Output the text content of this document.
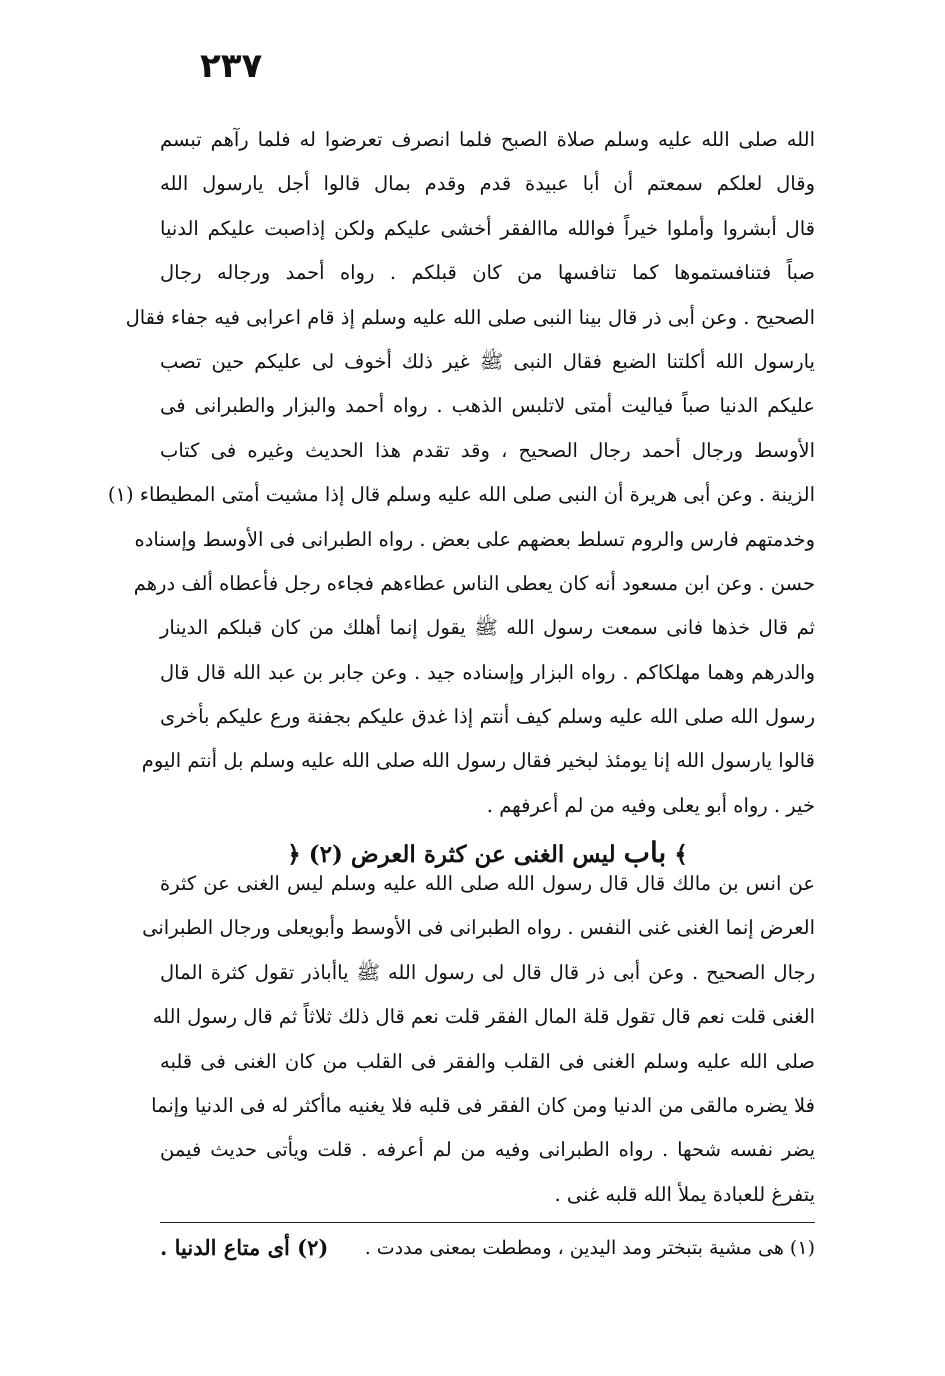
٢٣٧
الله صلى الله عليه وسلم صلاة الصبح فلما انصرف تعرضوا له فلما رآهم تبسم
وقال لعلكم سمعتم أن أبا عبيدة قدم وقدم بمال قالوا أجل يارسول الله
قال أبشروا وأملوا خيراً فوالله ماالفقر أخشى عليكم ولكن إذاصبت عليكم الدنيا
صباً فتنافستموها كما تنافسها من كان قبلكم . رواه أحمد ورجاله رجال
الصحيح . وعن أبى ذر قال بينا النبى صلى الله عليه وسلم إذ قام اعرابى فيه جفاء فقال
يارسول الله أكلتنا الضبع فقال النبى ﷺ غير ذلك أخوف لى عليكم حين تصب
عليكم الدنيا صباً فياليت أمتى لاتلبس الذهب . رواه أحمد والبزار والطبرانى فى
الأوسط ورجال أحمد رجال الصحيح ، وقد تقدم هذا الحديث وغيره فى كتاب
الزينة . وعن أبى هريرة أن النبى صلى الله عليه وسلم قال إذا مشيت أمتى المطيطاء (١)
وخدمتهم فارس والروم تسلط بعضهم على بعض . رواه الطبرانى فى الأوسط وإسناده
حسن . وعن ابن مسعود أنه كان يعطى الناس عطاءهم فجاءه رجل فأعطاه ألف درهم
ثم قال خذها فانى سمعت رسول الله ﷺ يقول إنما أهلك من كان قبلكم الدينار
والدرهم وهما مهلكاكم . رواه البزار وإسناده جيد . وعن جابر بن عبد الله قال قال
رسول الله صلى الله عليه وسلم كيف أنتم إذا غدق عليكم بجفنة ورع عليكم بأخرى
قالوا يارسول الله إنا يومئذ لبخير فقال رسول الله صلى الله عليه وسلم بل أنتم اليوم
خير . رواه أبو يعلى وفيه من لم أعرفهم .
﴾ باب ليس الغنى عن كثرة العرض (٢) ﴿
عن انس بن مالك قال قال رسول الله صلى الله عليه وسلم ليس الغنى عن كثرة
العرض إنما الغنى غنى النفس . رواه الطبرانى فى الأوسط وأبويعلى ورجال الطبرانى
رجال الصحيح . وعن أبى ذر قال قال لى رسول الله ﷺ ياأباذر تقول كثرة المال
الغنى قلت نعم قال تقول قلة المال الفقر قلت نعم قال ذلك ثلاثاً ثم قال رسول الله
صلى الله عليه وسلم الغنى فى القلب والفقر فى القلب من كان الغنى فى قلبه
فلا يضره مالقى من الدنيا ومن كان الفقر فى قلبه فلا يغنيه ماأكثر له فى الدنيا وإنما
يضر نفسه شحها . رواه الطبرانى وفيه من لم أعرفه . قلت ويأتى حديث فيمن
يتفرغ للعبادة يملأ الله قلبه غنى .
(١) هى مشية بتبختر ومد اليدين ، ومططت بمعنى مددت .
(٢) أى متاع الدنيا .
